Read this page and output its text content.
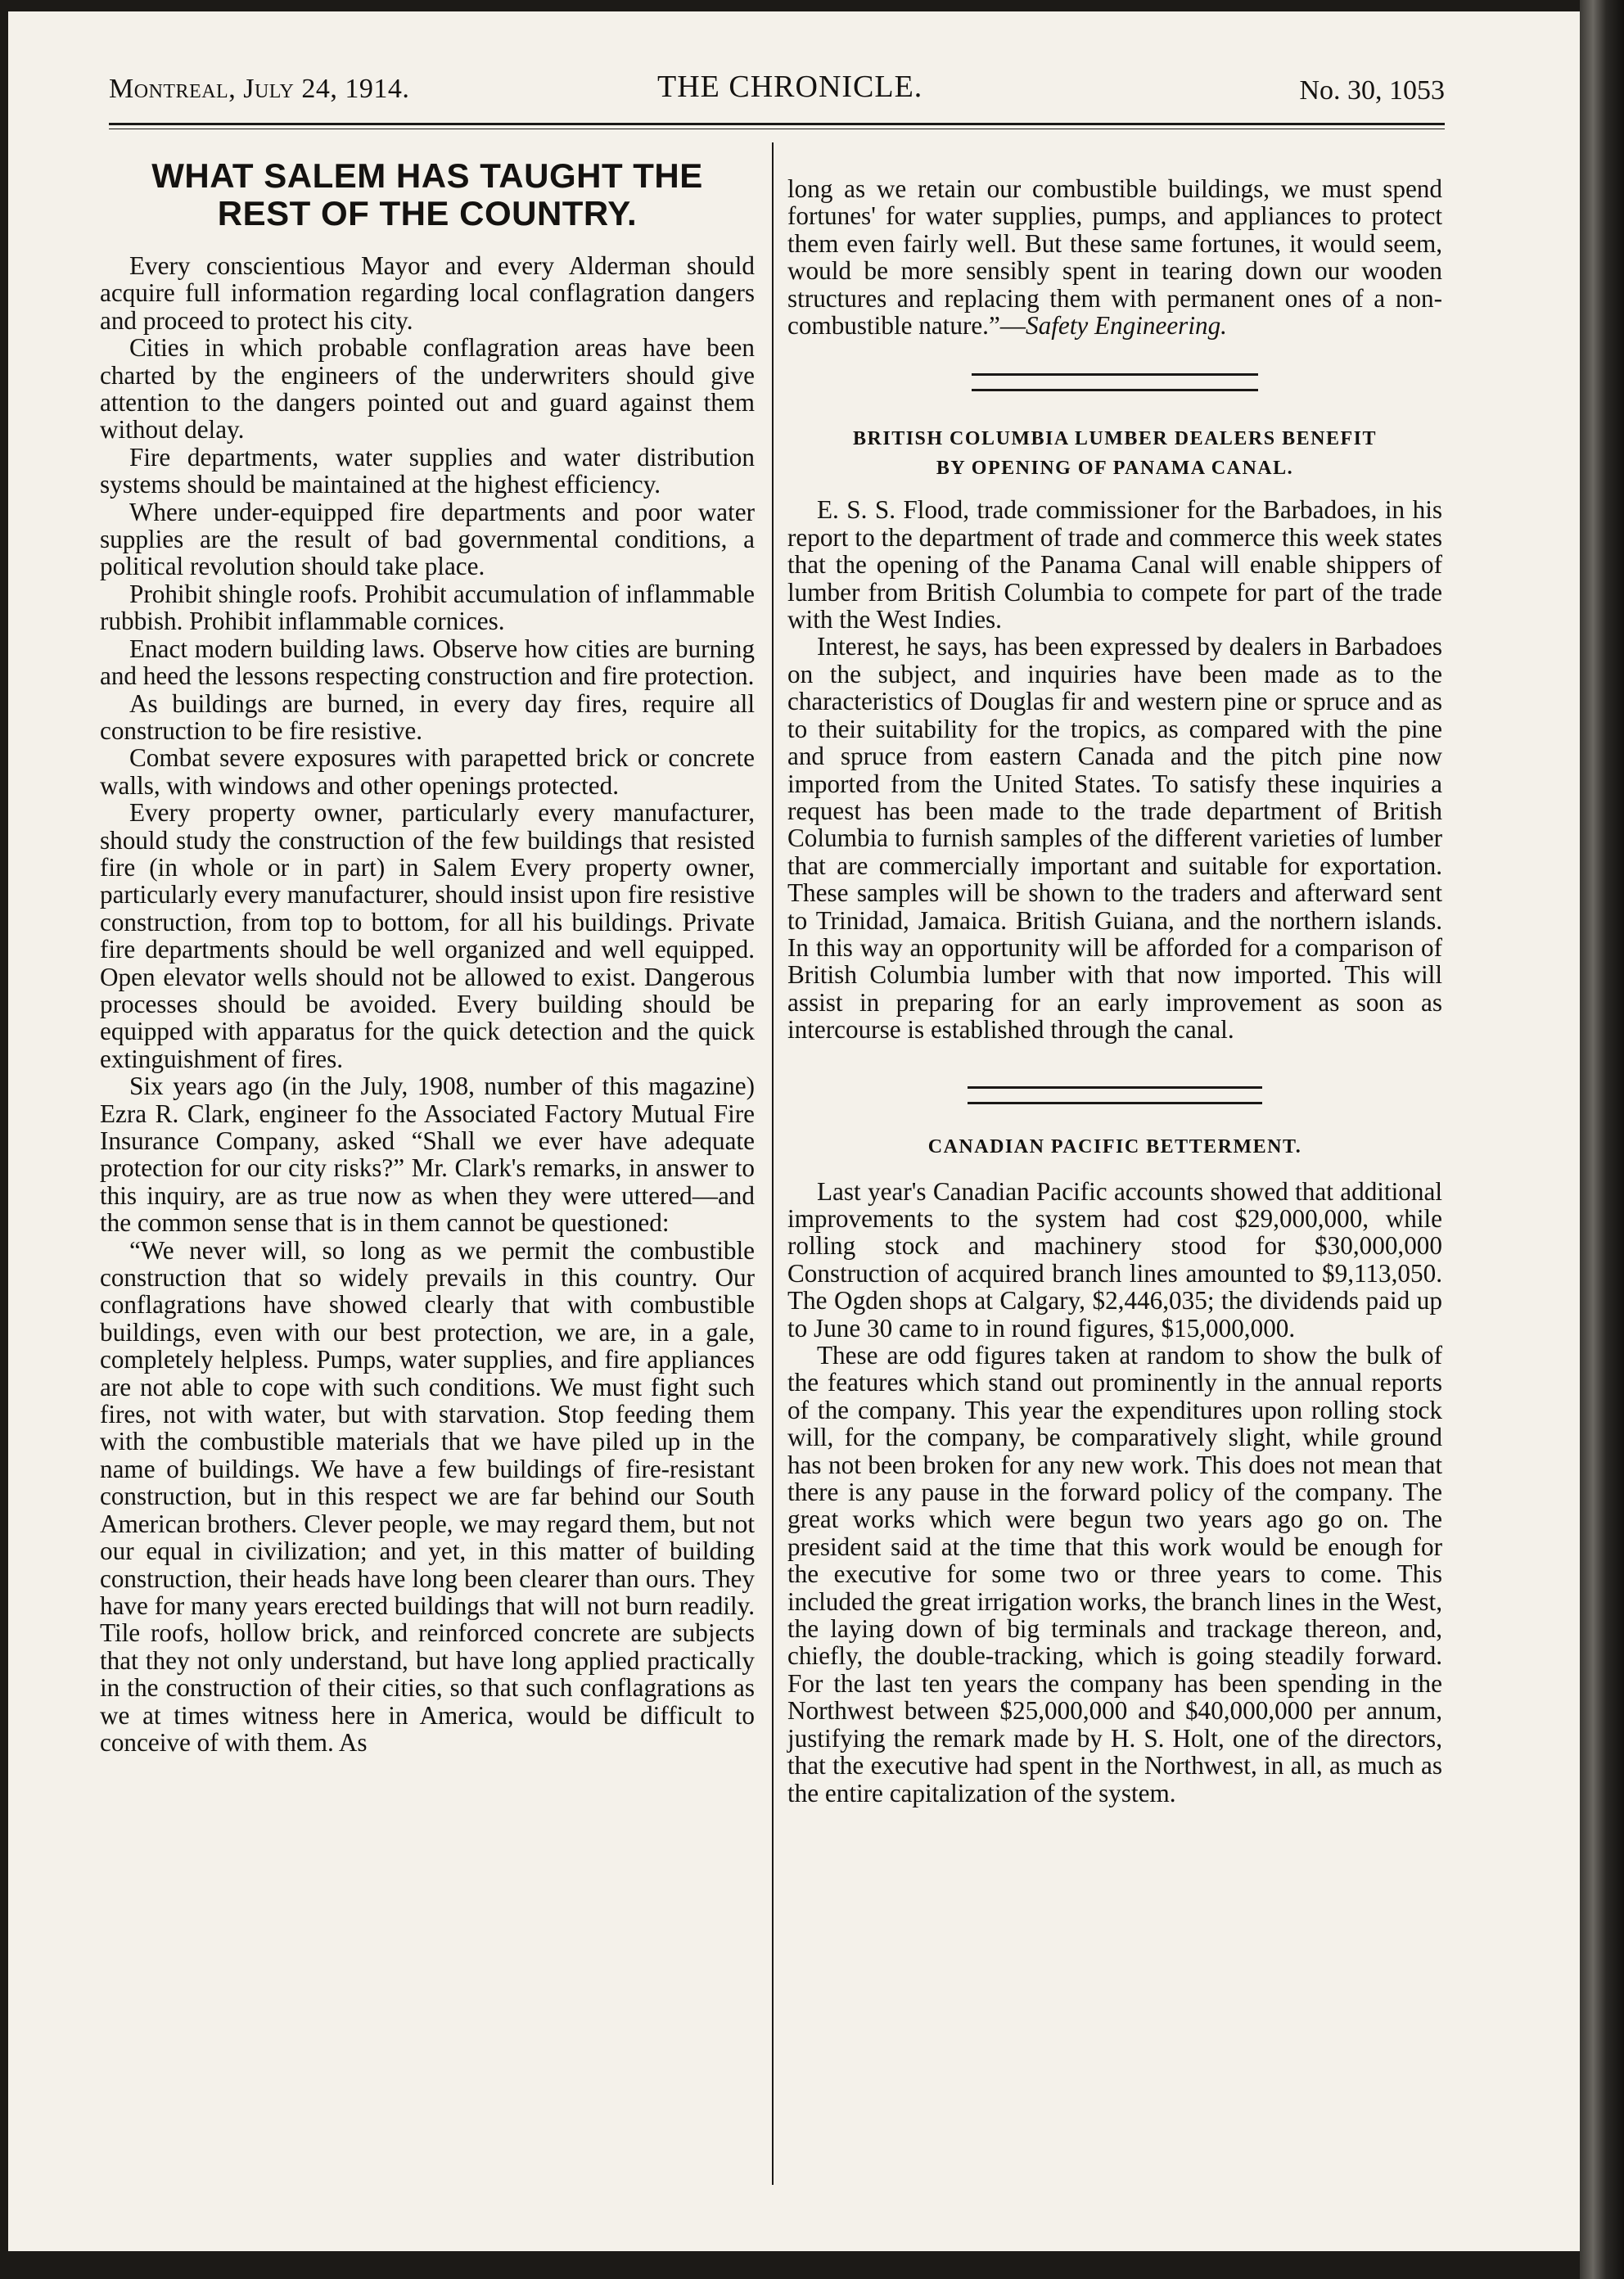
Montreal, July 24, 1914.	THE CHRONICLE.	No. 30, 1053
WHAT SALEM HAS TAUGHT THE
REST OF THE COUNTRY.

Every conscientious Mayor and every Alderman should acquire full information regarding local conflagration dangers and proceed to protect his city.

Cities in which probable conflagration areas have been charted by the engineers of the underwriters should give attention to the dangers pointed out and guard against them without delay.

Fire departments, water supplies and water distribution systems should be maintained at the highest efficiency.

Where under-equipped fire departments and poor water supplies are the result of bad governmental conditions, a political revolution should take place.

Prohibit shingle roofs. Prohibit accumulation of inflammable rubbish. Prohibit inflammable cornices.

Enact modern building laws. Observe how cities are burning and heed the lessons respecting construction and fire protection.

As buildings are burned, in every day fires, require all construction to be fire resistive.

Combat severe exposures with parapetted brick or concrete walls, with windows and other openings protected.

Every property owner, particularly every manufacturer, should study the construction of the few buildings that resisted fire (in whole or in part) in Salem Every property owner, particularly every manufacturer, should insist upon fire resistive construction, from top to bottom, for all his buildings. Private fire departments should be well organized and well equipped. Open elevator wells should not be allowed to exist. Dangerous processes should be avoided. Every building should be equipped with apparatus for the quick detection and the quick extinguishment of fires.

Six years ago (in the July, 1908, number of this magazine) Ezra R. Clark, engineer fo the Associated Factory Mutual Fire Insurance Company, asked “Shall we ever have adequate protection for our city risks?” Mr. Clark's remarks, in answer to this inquiry, are as true now as when they were uttered—and the common sense that is in them cannot be questioned:

“We never will, so long as we permit the combustible construction that so widely prevails in this country. Our conflagrations have showed clearly that with combustible buildings, even with our best protection, we are, in a gale, completely helpless. Pumps, water supplies, and fire appliances are not able to cope with such conditions. We must fight such fires, not with water, but with starvation. Stop feeding them with the combustible materials that we have piled up in the name of buildings. We have a few buildings of fire-resistant construction, but in this respect we are far behind our South American brothers. Clever people, we may regard them, but not our equal in civilization; and yet, in this matter of building construction, their heads have long been clearer than ours. They have for many years erected buildings that will not burn readily. Tile roofs, hollow brick, and reinforced concrete are subjects that they not only understand, but have long applied practically in the construction of their cities, so that such conflagrations as we at times witness here in America, would be difficult to conceive of with them. As

long as we retain our combustible buildings, we must spend fortunes' for water supplies, pumps, and appliances to protect them even fairly well. But these same fortunes, it would seem, would be more sensibly spent in tearing down our wooden structures and replacing them with permanent ones of a non-combustible nature.”—Safety Engineering.

BRITISH COLUMBIA LUMBER DEALERS BENEFIT
BY OPENING OF PANAMA CANAL.

E. S. S. Flood, trade commissioner for the Barbadoes, in his report to the department of trade and commerce this week states that the opening of the Panama Canal will enable shippers of lumber from British Columbia to compete for part of the trade with the West Indies.

Interest, he says, has been expressed by dealers in Barbadoes on the subject, and inquiries have been made as to the characteristics of Douglas fir and western pine or spruce and as to their suitability for the tropics, as compared with the pine and spruce from eastern Canada and the pitch pine now imported from the United States. To satisfy these inquiries a request has been made to the trade department of British Columbia to furnish samples of the different varieties of lumber that are commercially important and suitable for exportation. These samples will be shown to the traders and afterward sent to Trinidad, Jamaica. British Guiana, and the northern islands. In this way an opportunity will be afforded for a comparison of British Columbia lumber with that now imported. This will assist in preparing for an early improvement as soon as intercourse is established through the canal.

CANADIAN PACIFIC BETTERMENT.

Last year's Canadian Pacific accounts showed that additional improvements to the system had cost $29,000,000, while rolling stock and machinery stood for $30,000,000 Construction of acquired branch lines amounted to $9,113,050. The Ogden shops at Calgary, $2,446,035; the dividends paid up to June 30 came to in round figures, $15,000,000.

These are odd figures taken at random to show the bulk of the features which stand out prominently in the annual reports of the company. This year the expenditures upon rolling stock will, for the company, be comparatively slight, while ground has not been broken for any new work. This does not mean that there is any pause in the forward policy of the company. The great works which were begun two years ago go on. The president said at the time that this work would be enough for the executive for some two or three years to come. This included the great irrigation works, the branch lines in the West, the laying down of big terminals and trackage thereon, and, chiefly, the double-tracking, which is going steadily forward. For the last ten years the company has been spending in the Northwest between $25,000,000 and $40,000,000 per annum, justifying the remark made by H. S. Holt, one of the directors, that the executive had spent in the Northwest, in all, as much as the entire capitalization of the system.
